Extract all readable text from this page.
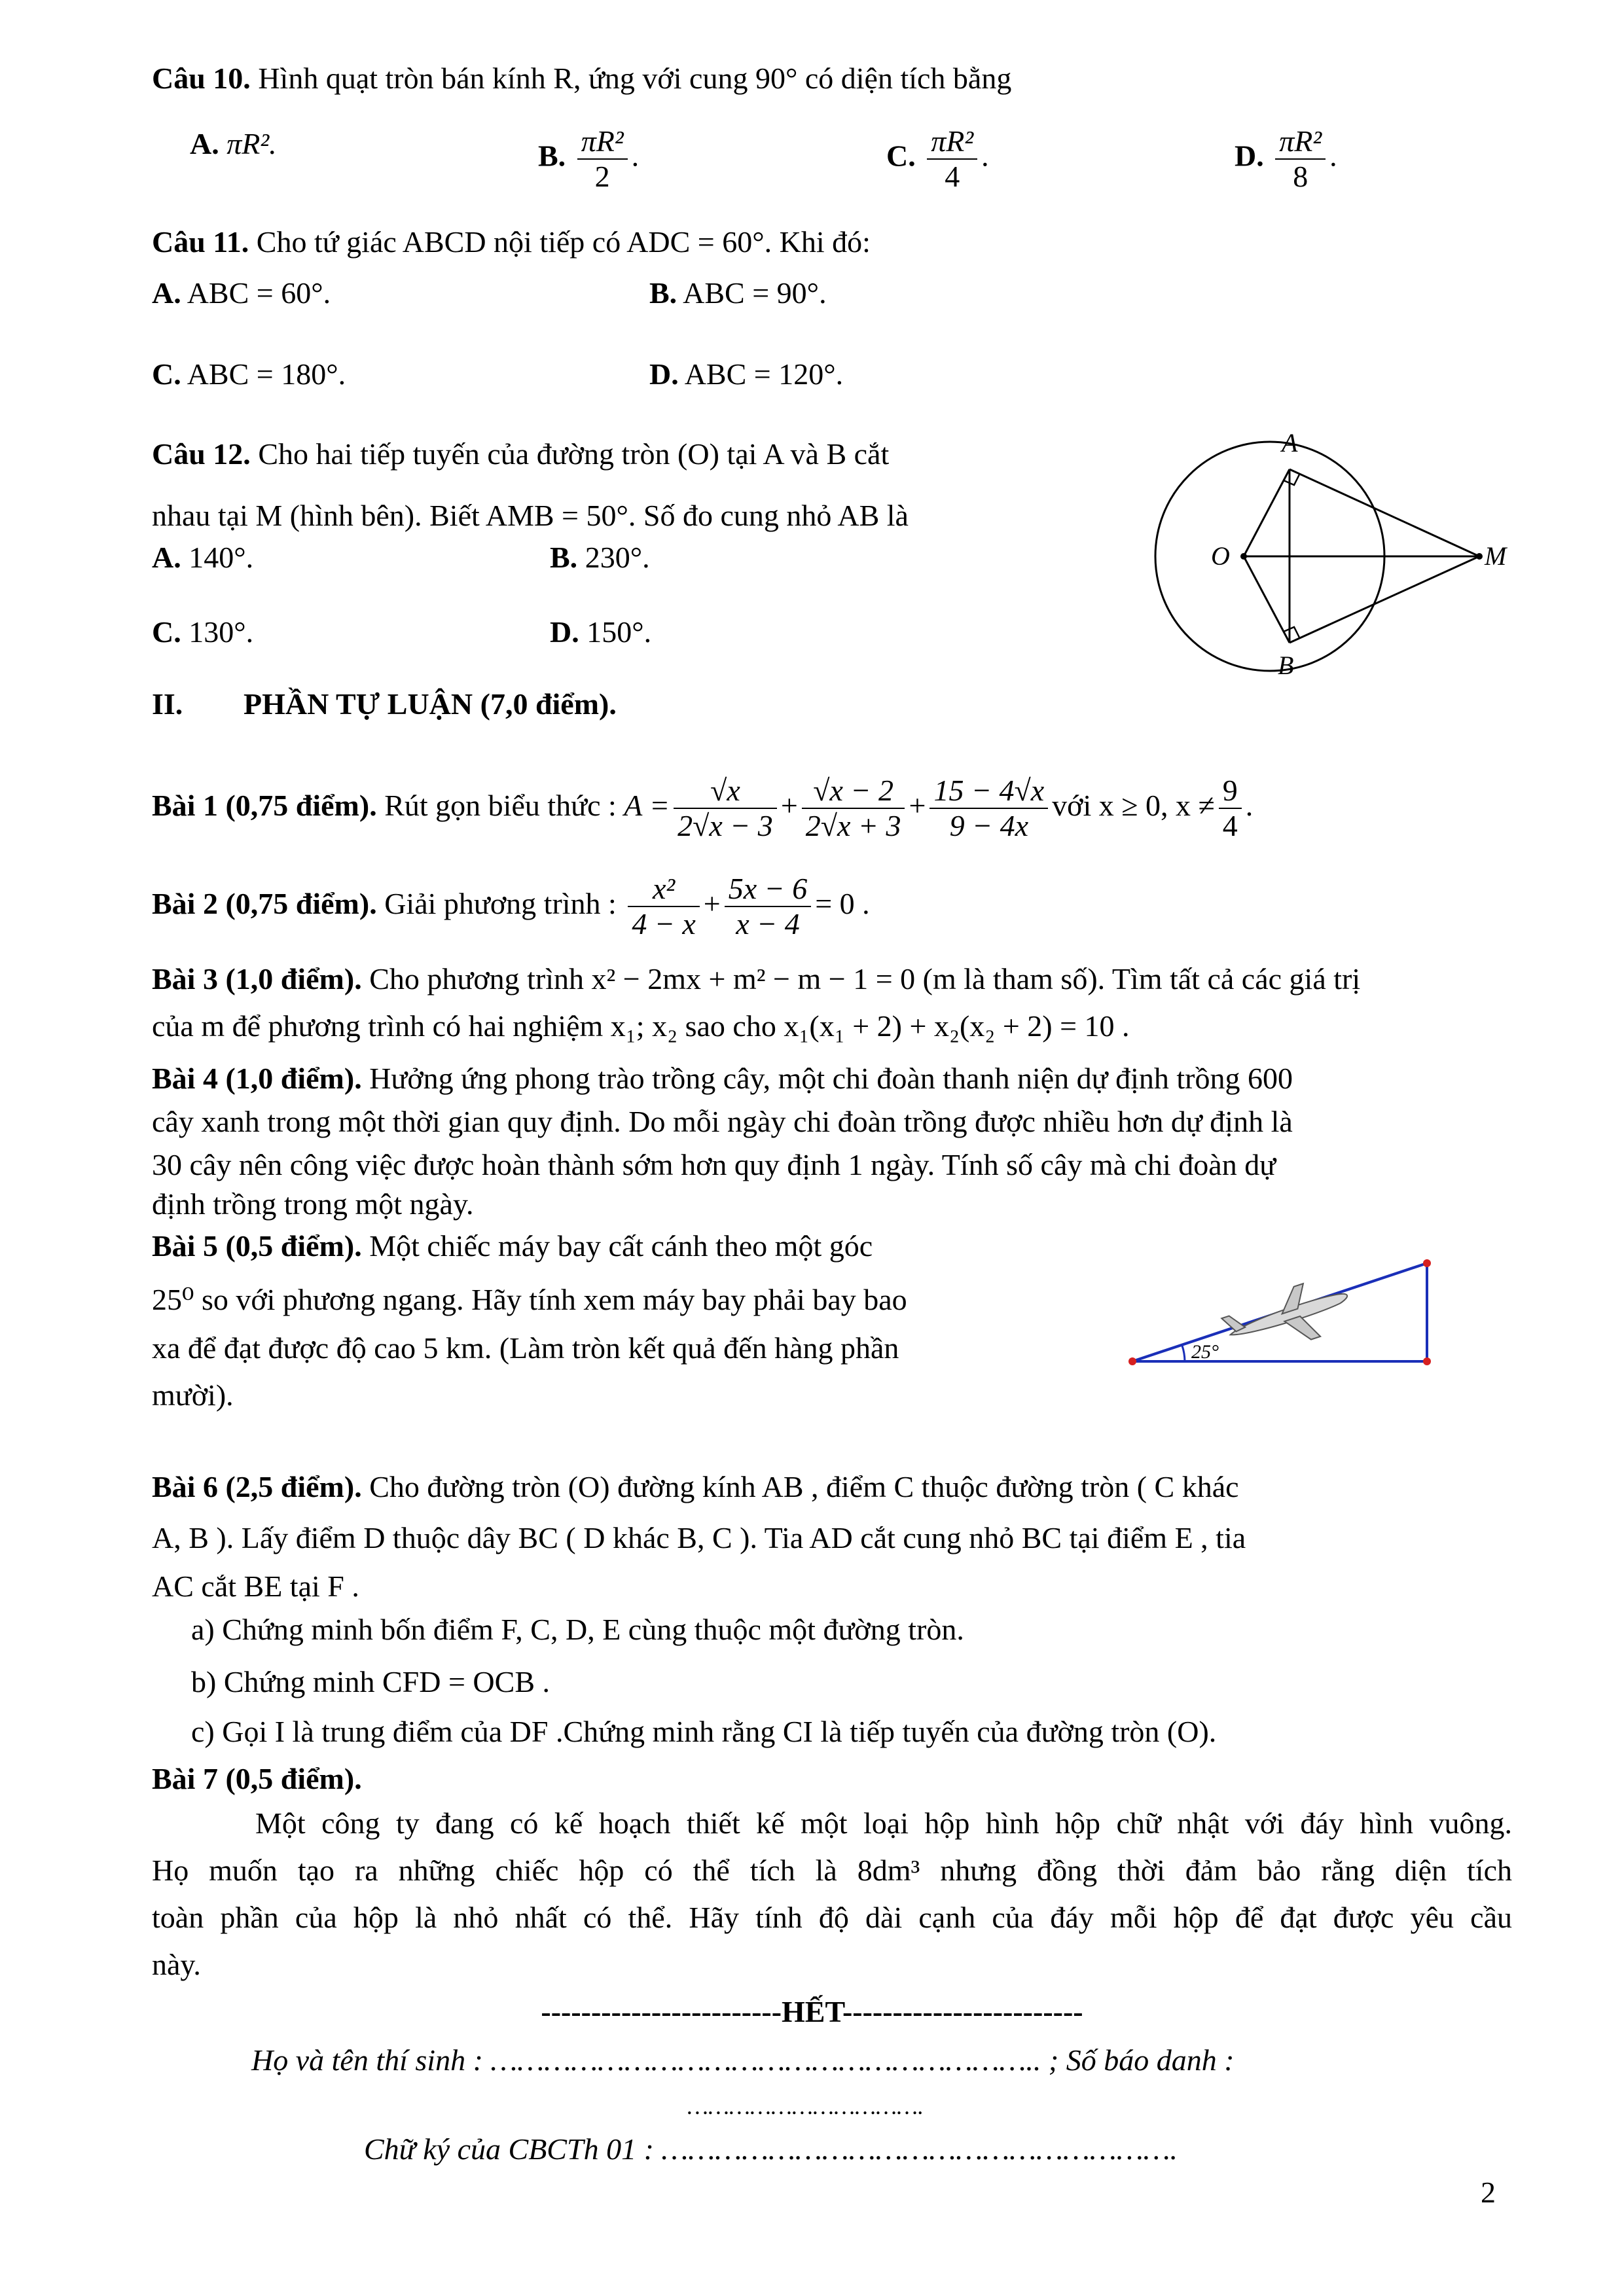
Câu 10. Hình quạt tròn bán kính R, ứng với cung 90° có diện tích bằng
A. πR².	B. $\frac{\text{πR²}}{2}$ .	C. $\frac{\text{πR²}}{4}$ .	D. $\frac{\text{πR²}}{8}$ .
Câu 11. Cho tứ giác ABCD nội tiếp có ADC = 60°. Khi đó:
A. ABC = 60°.	B. ABC = 90°.
C. ABC = 180°.	D. ABC = 120°.
Câu 12. Cho hai tiếp tuyến của đường tròn (O) tại A và B cắt
nhau tại M (hình bên). Biết AMB = 50°. Số đo cung nhỏ AB là
A. 140°.	B. 230°.
C. 130°.	D. 150°.
A
B
O	M
II. PHẦN TỰ LUẬN (7,0 điểm).
Bài 1 (0,75 điểm). Rút gọn biểu thức : $A = \frac{√x}{2√x - 3} + \frac{√x - 2}{2√x + 3} + \frac{15 - 4√x}{9 - 4x}$ với x ≥ 0, $x \ne \frac{9}{4}$ .
Bài 2 (0,75 điểm). Giải phương trình : $\frac{\text{x²}}{4 - x} + \frac{5x - 6}{x - 4} = 0$ .
Bài 3 (1,0 điểm). Cho phương trình x² − 2mx + m² − m − 1 = 0 (m là tham số). Tìm tất cả các giá trị
của m để phương trình có hai nghiệm x₁; x₂ sao cho x₁(x₁ + 2) + x₂(x₂ + 2) = 10 .
Bài 4 (1,0 điểm). Hưởng ứng phong trào trồng cây, một chi đoàn thanh niện dự định trồng 600
cây xanh trong một thời gian quy định. Do mỗi ngày chi đoàn trồng được nhiều hơn dự định là
30 cây nên công việc được hoàn thành sớm hơn quy định 1 ngày. Tính số cây mà chi đoàn dự
định trồng trong một ngày.
Bài 5 (0,5 điểm). Một chiếc máy bay cất cánh theo một góc
25⁰ so với phương ngang. Hãy tính xem máy bay phải bay bao
xa để đạt được độ cao 5 km. (Làm tròn kết quả đến hàng phần
mười).
25°
Bài 6 (2,5 điểm). Cho đường tròn (O) đường kính AB , điểm C thuộc đường tròn ( C khác
A, B ). Lấy điểm D thuộc dây BC ( D khác B, C ). Tia AD cắt cung nhỏ BC tại điểm E , tia
AC cắt BE tại F .
a) Chứng minh bốn điểm F, C, D, E cùng thuộc một đường tròn.
b) Chứng minh CFD = OCB .
c) Gọi I là trung điểm của DF .Chứng minh rằng CI là tiếp tuyến của đường tròn (O).
Bài 7 (0,5 điểm).
Một công ty đang có kế hoạch thiết kế một loại hộp hình hộp chữ nhật với đáy hình vuông.
Họ muốn tạo ra những chiếc hộp có thể tích là 8dm³ nhưng đồng thời đảm bảo rằng diện tích
toàn phần của hộp là nhỏ nhất có thể. Hãy tính độ dài cạnh của đáy mỗi hộp để đạt được yêu cầu
này.
------------------------HẾT------------------------
Họ và tên thí sinh : …………………………………………………….. ; Số báo danh :
…………………………….
Chữ ký của CBCTh 01 : ………………………………………………….
2
